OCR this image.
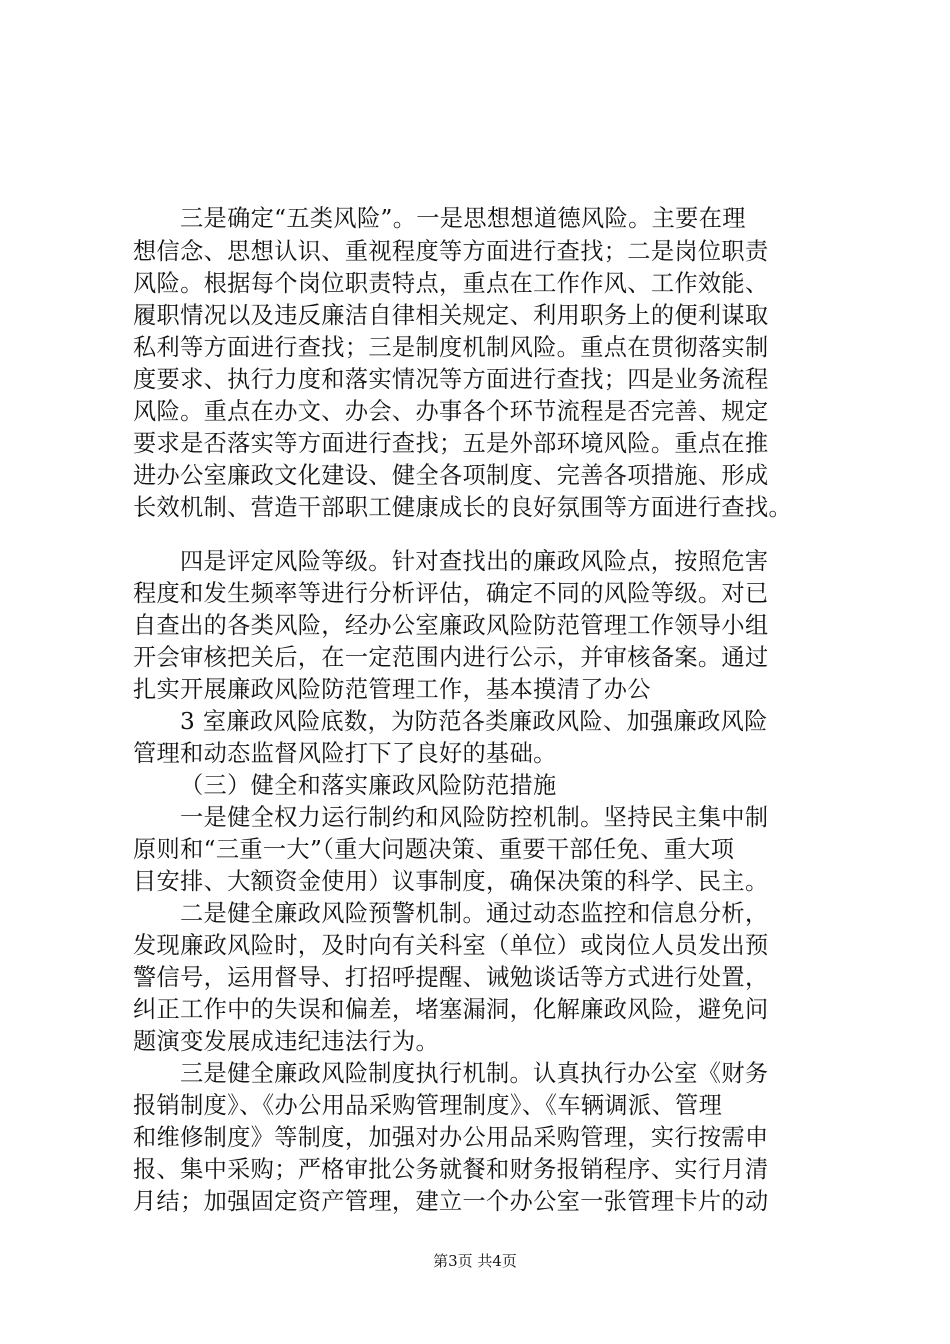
三是确定“五类风险”。一是思想想道德风险。主要在理
想信念、思想认识、重视程度等方面进行查找；二是岗位职责
风险。根据每个岗位职责特点，重点在工作作风、工作效能、
履职情况以及违反廉洁自律相关规定、利用职务上的便利谋取
私利等方面进行查找；三是制度机制风险。重点在贯彻落实制
度要求、执行力度和落实情况等方面进行查找；四是业务流程
风险。重点在办文、办会、办事各个环节流程是否完善、规定
要求是否落实等方面进行查找；五是外部环境风险。重点在推
进办公室廉政文化建设、健全各项制度、完善各项措施、形成
长效机制、营造干部职工健康成长的良好氛围等方面进行查找。
四是评定风险等级。针对查找出的廉政风险点，按照危害
程度和发生频率等进行分析评估，确定不同的风险等级。对已
自查出的各类风险，经办公室廉政风险防范管理工作领导小组
开会审核把关后，在一定范围内进行公示，并审核备案。通过
扎实开展廉政风险防范管理工作，基本摸清了办公
3 室廉政风险底数，为防范各类廉政风险、加强廉政风险
管理和动态监督风险打下了良好的基础。
（三）健全和落实廉政风险防范措施
一是健全权力运行制约和风险防控机制。坚持民主集中制
原则和“三重一大”（重大问题决策、重要干部任免、重大项
目安排、大额资金使用）议事制度，确保决策的科学、民主。
二是健全廉政风险预警机制。通过动态监控和信息分析，
发现廉政风险时，及时向有关科室（单位）或岗位人员发出预
警信号，运用督导、打招呼提醒、诫勉谈话等方式进行处置，
纠正工作中的失误和偏差，堵塞漏洞，化解廉政风险，避免问
题演变发展成违纪违法行为。
三是健全廉政风险制度执行机制。认真执行办公室《财务
报销制度》、《办公用品采购管理制度》、《车辆调派、管理
和维修制度》等制度，加强对办公用品采购管理，实行按需申
报、集中采购；严格审批公务就餐和财务报销程序、实行月清
月结；加强固定资产管理，建立一个办公室一张管理卡片的动
第3页 共4页
